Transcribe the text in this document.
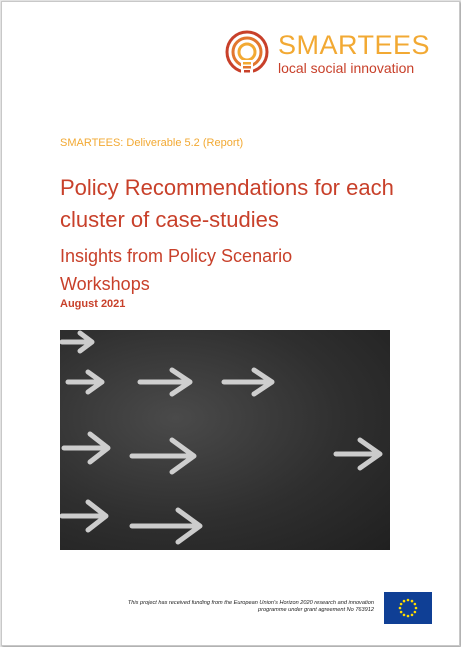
SMARTEES
local social innovation
SMARTEES: Deliverable 5.2 (Report)
Policy Recommendations for each cluster of case-studies
Insights from Policy Scenario Workshops
August 2021
This project has received funding from the European Union's Horizon 2020 research and innovation programme under grant agreement No 763912
